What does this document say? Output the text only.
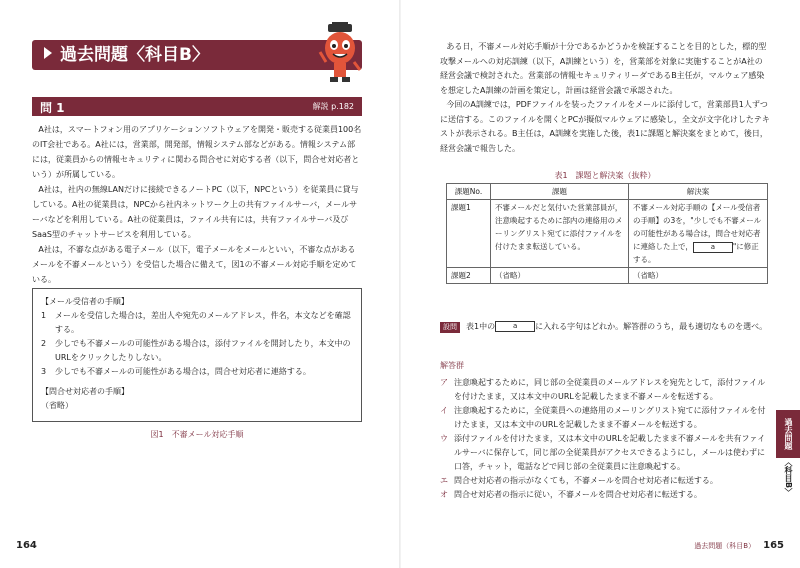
過去問題〈科目B〉
問 1	解説 p.182

A社は，スマートフォン用のアプリケーションソフトウェアを開発・販売する従業員100名のIT会社である。A社には，営業部，開発部，情報システム部などがある。情報システム部には，従業員からの情報セキュリティに関わる問合せに対応する者（以下，問合せ対応者という）が所属している。

A社は，社内の無線LANだけに接続できるノートPC（以下，NPCという）を従業員に貸与している。A社の従業員は，NPCから社内ネットワーク上の共有ファイルサーバ，メールサーバなどを利用している。A社の従業員は，ファイル共有には，共有ファイルサーバ及びSaaS型のチャットサービスを利用している。

A社は，不審な点がある電子メール（以下，電子メールをメールといい，不審な点があるメールを不審メールという）を受信した場合に備えて，図1の不審メール対応手順を定めている。

【メール受信者の手順】
1	メールを受信した場合は，差出人や宛先のメールアドレス，件名，本文などを確認する。
2	少しでも不審メールの可能性がある場合は，添付ファイルを開封したり，本文中のURLをクリックしたりしない。
3	少しでも不審メールの可能性がある場合は，問合せ対応者に連絡する。
【問合せ対応者の手順】
（省略）
図1　不審メール対応手順
164

ある日，不審メール対応手順が十分であるかどうかを検証することを目的とした，標的型攻撃メールへの対応訓練（以下，A訓練という）を，営業部を対象に実施することがA社の経営会議で検討された。営業部の情報セキュリティリーダであるB主任が，マルウェア感染を想定したA訓練の計画を策定し，計画は経営会議で承認された。

今回のA訓練では，PDFファイルを装ったファイルをメールに添付して，営業部員1人ずつに送信する。このファイルを開くとPCが擬似マルウェアに感染し，全文が文字化けしたテキストが表示される。B主任は，A訓練を実施した後，表1に課題と解決案をまとめて，後日，経営会議で報告した。

表1　課題と解決案（抜粋）
課題No.	課題	解決案
課題1	不審メールだと気付いた営業部員が，注意喚起するために部内の連絡用のメーリングリスト宛てに添付ファイルを付けたまま転送している。	不審メール対応手順の【メール受信者の手順】の3を，"少しでも不審メールの可能性がある場合は，問合せ対応者に連絡した上で， a "に修正する。
課題2	（省略）	（省略）
設問 表1中の	a に入れる字句はどれか。解答群のうち，最も適切なものを選べ。
解答群
ア 注意喚起するために，同じ部の全従業員のメールアドレスを宛先として，添付ファイルを付けたまま，又は本文中のURLを記載したまま不審メールを転送する。
イ 注意喚起するために，全従業員への連絡用のメーリングリスト宛てに添付ファイルを付けたまま，又は本文中のURLを記載したまま不審メールを転送する。
ウ 添付ファイルを付けたまま，又は本文中のURLを記載したまま不審メールを共有ファイルサーバに保存して，同じ部の全従業員がアクセスできるようにし，メールは使わずに口答，チャット，電話などで同じ部の全従業員に注意喚起する。
エ 問合せ対応者の指示がなくても，不審メールを問合せ対応者に転送する。
オ 問合せ対応者の指示に従い，不審メールを問合せ対応者に転送する。
過去問題
〈科目B〉
過去問題（科目B） 165
